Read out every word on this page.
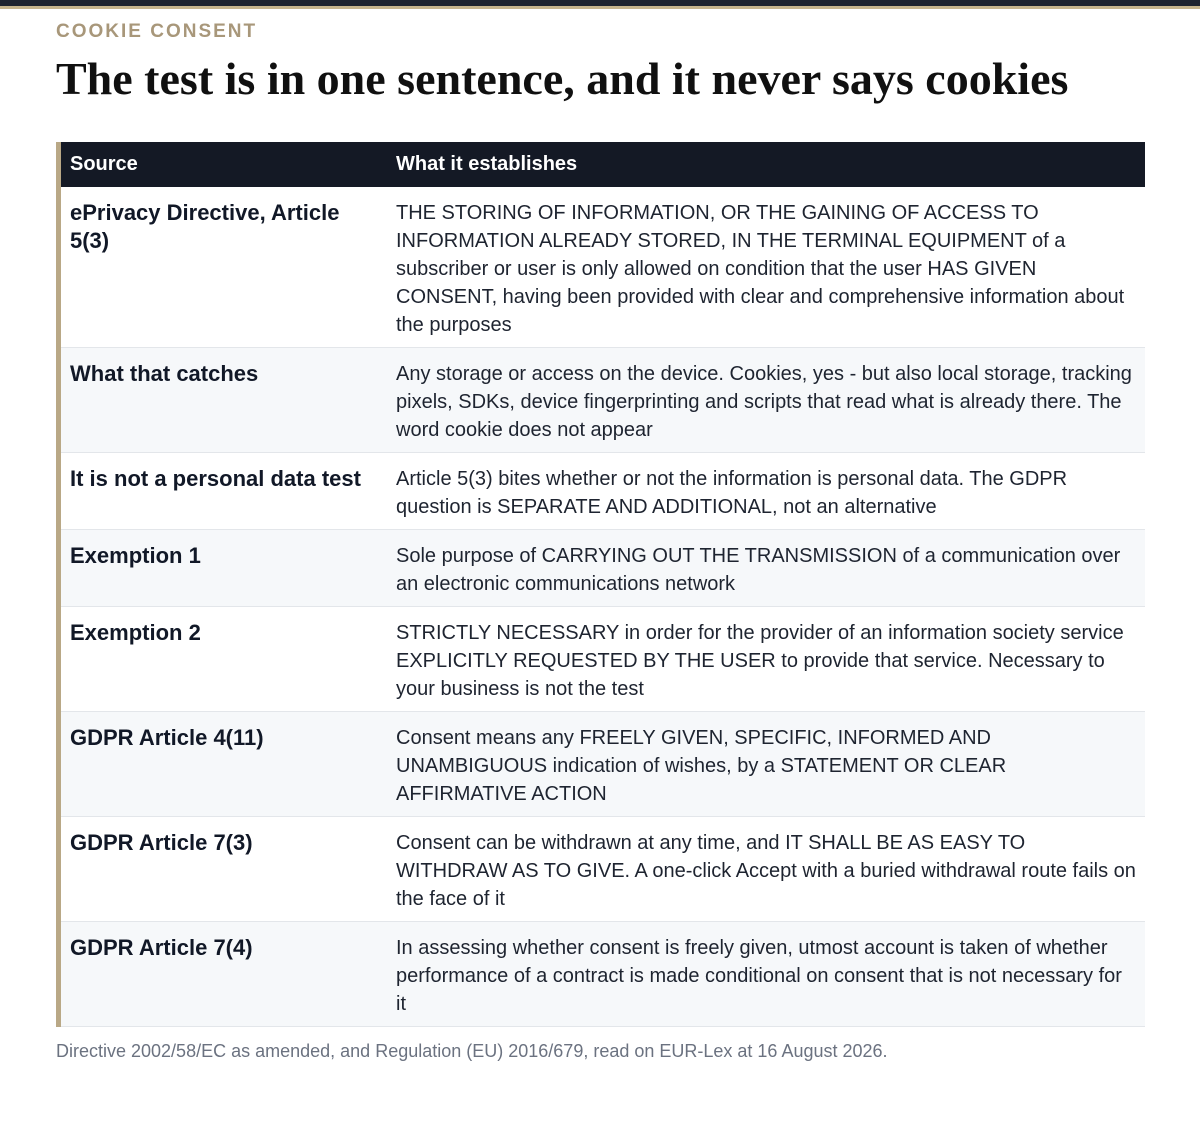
COOKIE CONSENT
The test is in one sentence, and it never says cookies
Source	What it establishes
ePrivacy Directive, Article 5(3)	THE STORING OF INFORMATION, OR THE GAINING OF ACCESS TO INFORMATION ALREADY STORED, IN THE TERMINAL EQUIPMENT of a subscriber or user is only allowed on condition that the user HAS GIVEN CONSENT, having been provided with clear and comprehensive information about the purposes
What that catches	Any storage or access on the device. Cookies, yes - but also local storage, tracking pixels, SDKs, device fingerprinting and scripts that read what is already there. The word cookie does not appear
It is not a personal data test	Article 5(3) bites whether or not the information is personal data. The GDPR question is SEPARATE AND ADDITIONAL, not an alternative
Exemption 1	Sole purpose of CARRYING OUT THE TRANSMISSION of a communication over an electronic communications network
Exemption 2	STRICTLY NECESSARY in order for the provider of an information society service EXPLICITLY REQUESTED BY THE USER to provide that service. Necessary to your business is not the test
GDPR Article 4(11)	Consent means any FREELY GIVEN, SPECIFIC, INFORMED AND UNAMBIGUOUS indication of wishes, by a STATEMENT OR CLEAR AFFIRMATIVE ACTION
GDPR Article 7(3)	Consent can be withdrawn at any time, and IT SHALL BE AS EASY TO WITHDRAW AS TO GIVE. A one-click Accept with a buried withdrawal route fails on the face of it
GDPR Article 7(4)	In assessing whether consent is freely given, utmost account is taken of whether performance of a contract is made conditional on consent that is not necessary for it
Directive 2002/58/EC as amended, and Regulation (EU) 2016/679, read on EUR-Lex at 16 August 2026.
